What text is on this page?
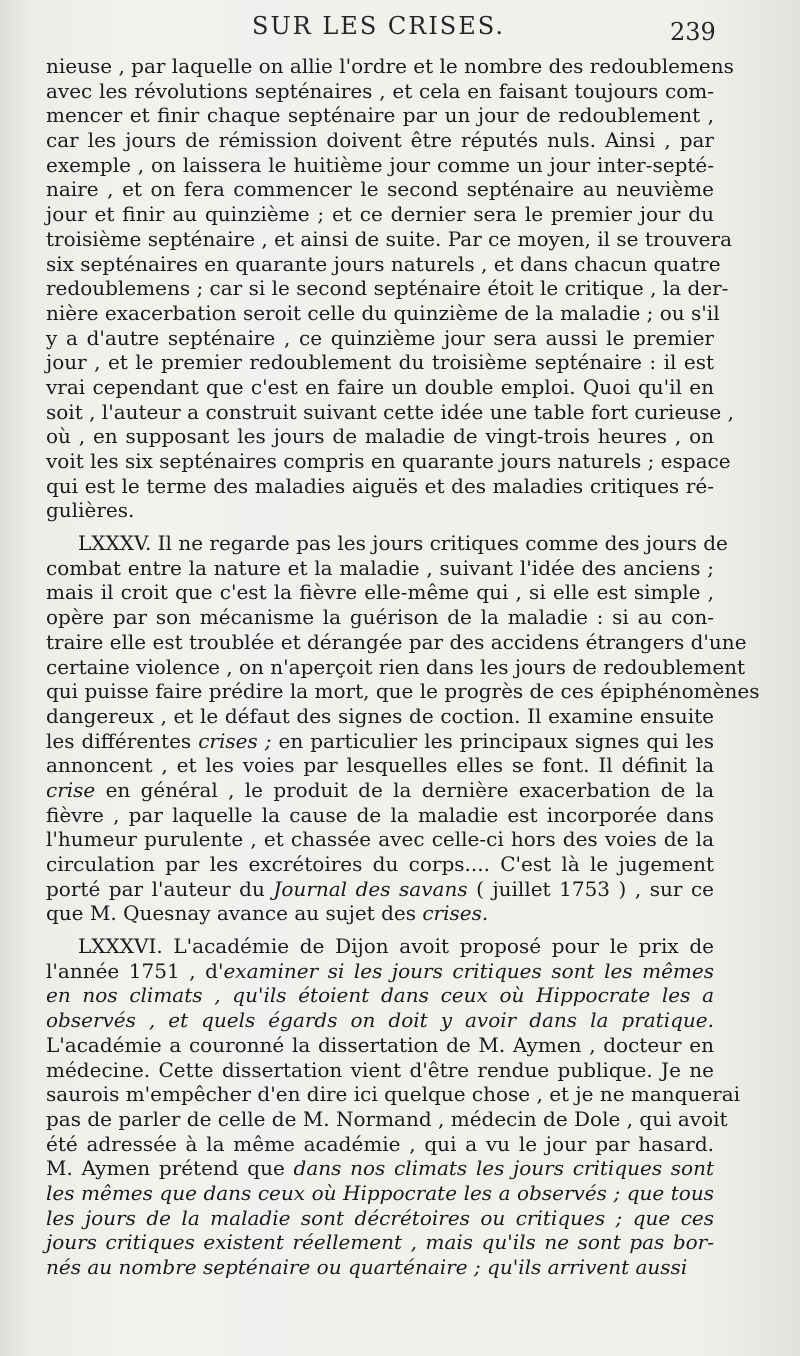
SUR LES CRISES.	239
nieuse , par laquelle on allie l'ordre et le nombre des redoublemens
avec les révolutions septénaires , et cela en faisant toujours com-
mencer et finir chaque septénaire par un jour de redoublement ,
car les jours de rémission doivent être réputés nuls. Ainsi , par
exemple , on laissera le huitième jour comme un jour inter-septé-
naire , et on fera commencer le second septénaire au neuvième
jour et finir au quinzième ; et ce dernier sera le premier jour du
troisième septénaire , et ainsi de suite. Par ce moyen, il se trouvera
six septénaires en quarante jours naturels , et dans chacun quatre
redoublemens ; car si le second septénaire étoit le critique , la der-
nière exacerbation seroit celle du quinzième de la maladie ; ou s'il
y a d'autre septénaire , ce quinzième jour sera aussi le premier
jour , et le premier redoublement du troisième septénaire : il est
vrai cependant que c'est en faire un double emploi. Quoi qu'il en
soit , l'auteur a construit suivant cette idée une table fort curieuse ,
où , en supposant les jours de maladie de vingt-trois heures , on
voit les six septénaires compris en quarante jours naturels ; espace
qui est le terme des maladies aiguës et des maladies critiques ré-
gulières.
LXXXV. Il ne regarde pas les jours critiques comme des jours de
combat entre la nature et la maladie , suivant l'idée des anciens ;
mais il croit que c'est la fièvre elle-même qui , si elle est simple ,
opère par son mécanisme la guérison de la maladie : si au con-
traire elle est troublée et dérangée par des accidens étrangers d'une
certaine violence , on n'aperçoit rien dans les jours de redoublement
qui puisse faire prédire la mort, que le progrès de ces épiphénomènes
dangereux , et le défaut des signes de coction. Il examine ensuite
les différentes crises ; en particulier les principaux signes qui les
annoncent , et les voies par lesquelles elles se font. Il définit la
crise en général , le produit de la dernière exacerbation de la
fièvre , par laquelle la cause de la maladie est incorporée dans
l'humeur purulente , et chassée avec celle-ci hors des voies de la
circulation par les excrétoires du corps.... C'est là le jugement
porté par l'auteur du Journal des savans ( juillet 1753 ) , sur ce
que M. Quesnay avance au sujet des crises.
LXXXVI. L'académie de Dijon avoit proposé pour le prix de
l'année 1751 , d'examiner si les jours critiques sont les mêmes
en nos climats , qu'ils étoient dans ceux où Hippocrate les a
observés , et quels égards on doit y avoir dans la pratique.
L'académie a couronné la dissertation de M. Aymen , docteur en
médecine. Cette dissertation vient d'être rendue publique. Je ne
saurois m'empêcher d'en dire ici quelque chose , et je ne manquerai
pas de parler de celle de M. Normand , médecin de Dole , qui avoit
été adressée à la même académie , qui a vu le jour par hasard.
M. Aymen prétend que dans nos climats les jours critiques sont
les mêmes que dans ceux où Hippocrate les a observés ; que tous
les jours de la maladie sont décrétoires ou critiques ; que ces
jours critiques existent réellement , mais qu'ils ne sont pas bor-
nés au nombre septénaire ou quarténaire ; qu'ils arrivent aussi
